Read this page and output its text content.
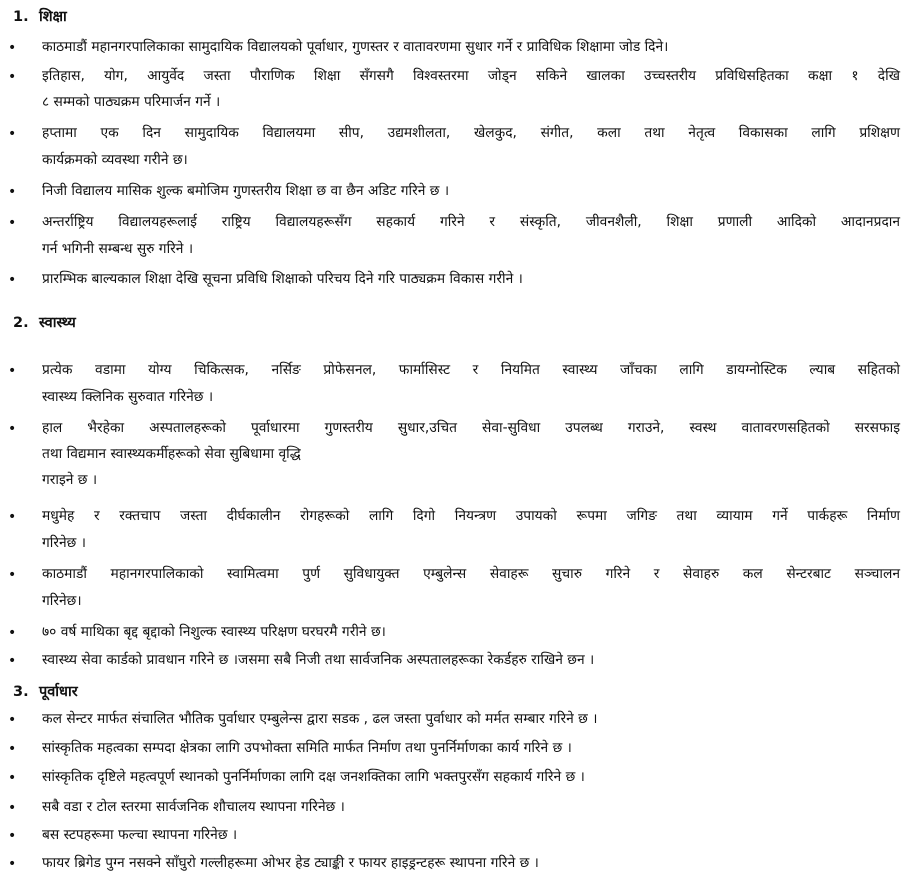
1. शिक्षा
• काठमाडौं महानगरपालिकाका सामुदायिक विद्यालयको पूर्वाधार, गुणस्तर र वातावरणमा सुधार गर्ने र प्राविधिक शिक्षामा जोड दिने।
• इतिहास, योग, आयुर्वेद जस्ता पौराणिक शिक्षा सँगसगै विश्वस्तरमा जोड्न सकिने खालका उच्चस्तरीय प्रविधिसहितका कक्षा १ देखि
८ सम्मको पाठ्यक्रम परिमार्जन गर्ने ।
• हप्तामा एक दिन सामुदायिक विद्यालयमा सीप, उद्यमशीलता, खेलकुद, संगीत, कला तथा नेतृत्व विकासका लागि प्रशिक्षण
कार्यक्रमको व्यवस्था गरीने छ।
• निजी विद्यालय मासिक शुल्क बमोजिम गुणस्तरीय शिक्षा छ वा छैन अडिट गरिने छ ।
• अन्तर्राष्ट्रिय विद्यालयहरूलाई राष्ट्रिय विद्यालयहरूसँग सहकार्य गरिने र संस्कृति, जीवनशैली, शिक्षा प्रणाली आदिको आदानप्रदान
गर्न भगिनी सम्बन्ध सुरु गरिने ।
• प्रारम्भिक बाल्यकाल शिक्षा देखि सूचना प्रविधि शिक्षाको परिचय दिने गरि पाठ्यक्रम विकास गरीने ।
2. स्वास्थ्य
• प्रत्येक वडामा योग्य चिकित्सक, नर्सिङ प्रोफेसनल, फार्मासिस्ट र नियमित स्वास्थ्य जाँचका लागि डायग्नोस्टिक ल्याब सहितको
स्वास्थ्य क्लिनिक सुरुवात गरिनेछ ।
• हाल भैरहेका अस्पतालहरूको पूर्वाधारमा गुणस्तरीय सुधार,उचित सेवा-सुविधा उपलब्ध गराउने, स्वस्थ वातावरणसहितको सरसफाइ
तथा विद्यमान स्वास्थ्यकर्मीहरूको सेवा सुबिधामा वृद्धि
गराइने छ ।
• मधुमेह र रक्तचाप जस्ता दीर्घकालीन रोगहरूको लागि दिगो नियन्त्रण उपायको रूपमा जगिङ तथा व्यायाम गर्ने पार्कहरू निर्माण
गरिनेछ ।
• काठमाडौं महानगरपालिकाको स्वामित्वमा पुर्ण सुविधायुक्त एम्बुलेन्स सेवाहरू सुचारु गरिने र सेवाहरु कल सेन्टरबाट सञ्चालन
गरिनेछ।
• ७० वर्ष माथिका बृद्द बृद्दाको निशुल्क स्वास्थ्य परिक्षण घरघरमै गरीने छ।
• स्वास्थ्य सेवा कार्डको प्रावधान गरिने छ ।जसमा सबै निजी तथा सार्वजनिक अस्पतालहरूका रेकर्डहरु राखिने छन ।
3. पूर्वाधार
• कल सेन्टर मार्फत संचालित भौतिक पुर्वाधार एम्बुलेन्स द्वारा सडक , ढल जस्ता पुर्वाधार को मर्मत सम्बार गरिने छ ।
• सांस्कृतिक महत्वका सम्पदा क्षेत्रका लागि उपभोक्ता समिति मार्फत निर्माण तथा पुनर्निर्माणका कार्य गरिने छ ।
• सांस्कृतिक दृष्टिले महत्वपूर्ण स्थानको पुनर्निर्माणका लागि दक्ष जनशक्तिका लागि भक्तपुरसँग सहकार्य गरिने छ ।
• सबै वडा र टोल स्तरमा सार्वजनिक शौचालय स्थापना गरिनेछ ।
• बस स्टपहरूमा फल्चा स्थापना गरिनेछ ।
• फायर ब्रिगेड पुग्न नसक्ने साँघुरो गल्लीहरूमा ओभर हेड ट्याङ्की र फायर हाइड्रन्टहरू स्थापना गरिने छ ।
